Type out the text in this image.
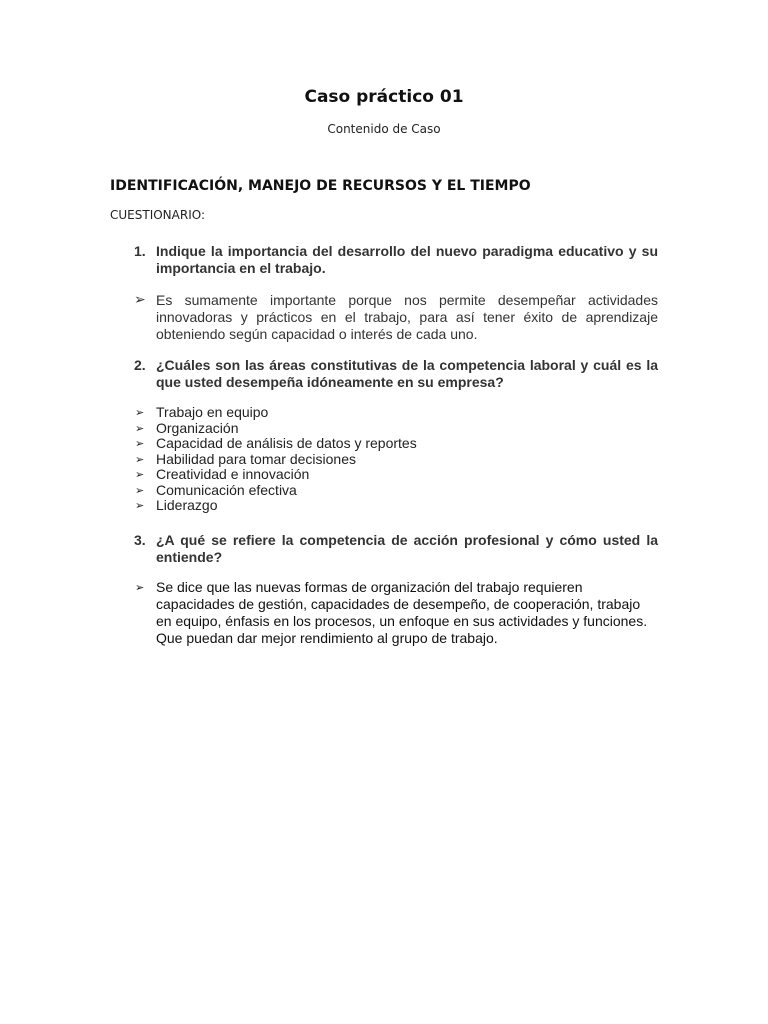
Caso práctico 01
Contenido de Caso
IDENTIFICACIÓN, MANEJO DE RECURSOS Y EL TIEMPO
CUESTIONARIO:
1. Indique la importancia del desarrollo del nuevo paradigma educativo y su importancia en el trabajo.
➢ Es sumamente importante porque nos permite desempeñar actividades innovadoras y prácticos en el trabajo, para así tener éxito de aprendizaje obteniendo según capacidad o interés de cada uno.
2. ¿Cuáles son las áreas constitutivas de la competencia laboral y cuál es la que usted desempeña idóneamente en su empresa?
➢ Trabajo en equipo
➢ Organización
➢ Capacidad de análisis de datos y reportes
➢ Habilidad para tomar decisiones
➢ Creatividad e innovación
➢ Comunicación efectiva
➢ Liderazgo
3. ¿A qué se refiere la competencia de acción profesional y cómo usted la entiende?
➢ Se dice que las nuevas formas de organización del trabajo requieren capacidades de gestión, capacidades de desempeño, de cooperación, trabajo en equipo, énfasis en los procesos, un enfoque en sus actividades y funciones. Que puedan dar mejor rendimiento al grupo de trabajo.
